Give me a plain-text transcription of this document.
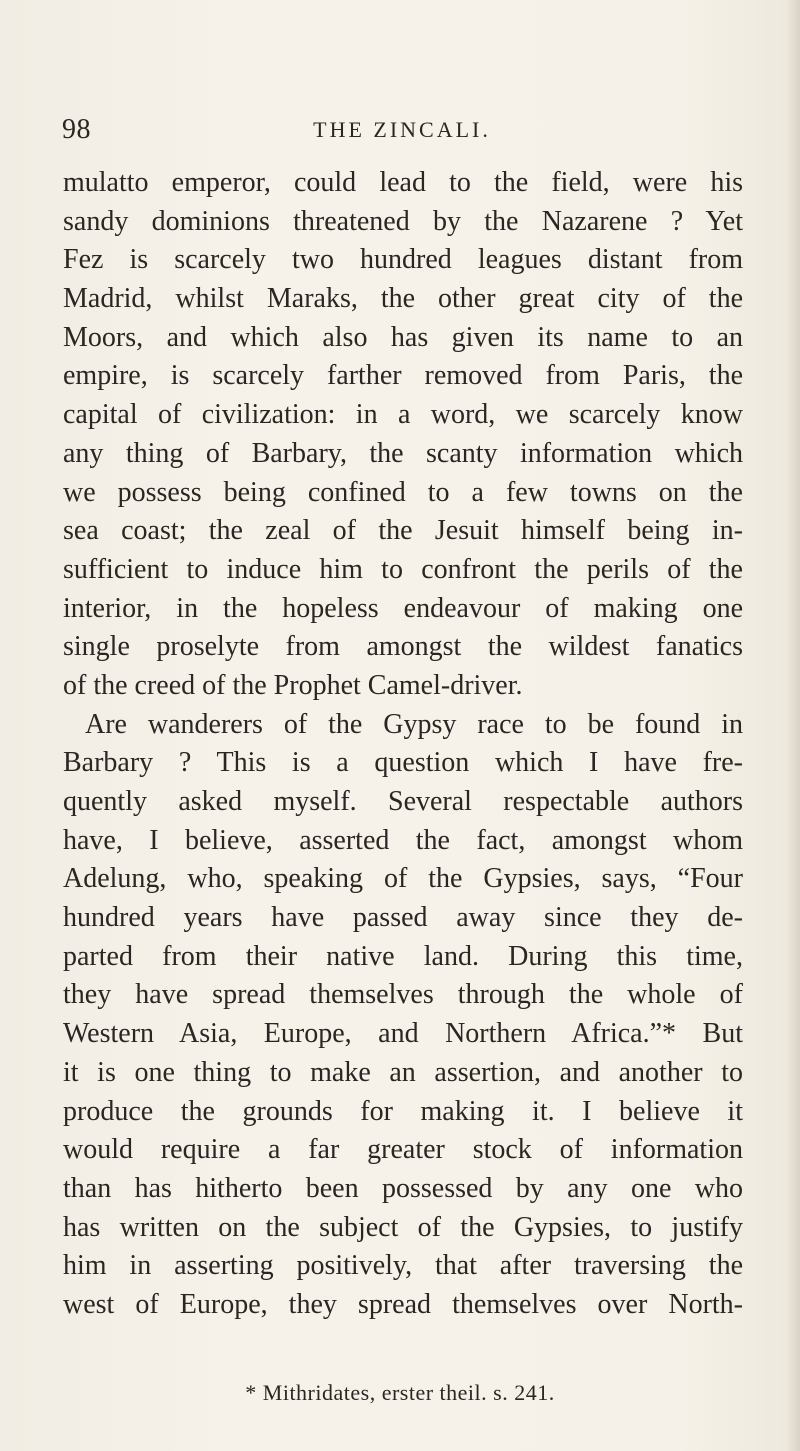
98	THE ZINCALI.
mulatto emperor, could lead to the field, were his
sandy dominions threatened by the Nazarene ? Yet
Fez is scarcely two hundred leagues distant from
Madrid, whilst Maraks, the other great city of the
Moors, and which also has given its name to an
empire, is scarcely farther removed from Paris, the
capital of civilization: in a word, we scarcely know
any thing of Barbary, the scanty information which
we possess being confined to a few towns on the
sea coast; the zeal of the Jesuit himself being in-
sufficient to induce him to confront the perils of the
interior, in the hopeless endeavour of making one
single proselyte from amongst the wildest fanatics
of the creed of the Prophet Camel-driver.
Are wanderers of the Gypsy race to be found in
Barbary ? This is a question which I have fre-
quently asked myself. Several respectable authors
have, I believe, asserted the fact, amongst whom
Adelung, who, speaking of the Gypsies, says, “Four
hundred years have passed away since they de-
parted from their native land. During this time,
they have spread themselves through the whole of
Western Asia, Europe, and Northern Africa.”* But
it is one thing to make an assertion, and another to
produce the grounds for making it. I believe it
would require a far greater stock of information
than has hitherto been possessed by any one who
has written on the subject of the Gypsies, to justify
him in asserting positively, that after traversing the
west of Europe, they spread themselves over North-
* Mithridates, erster theil. s. 241.
